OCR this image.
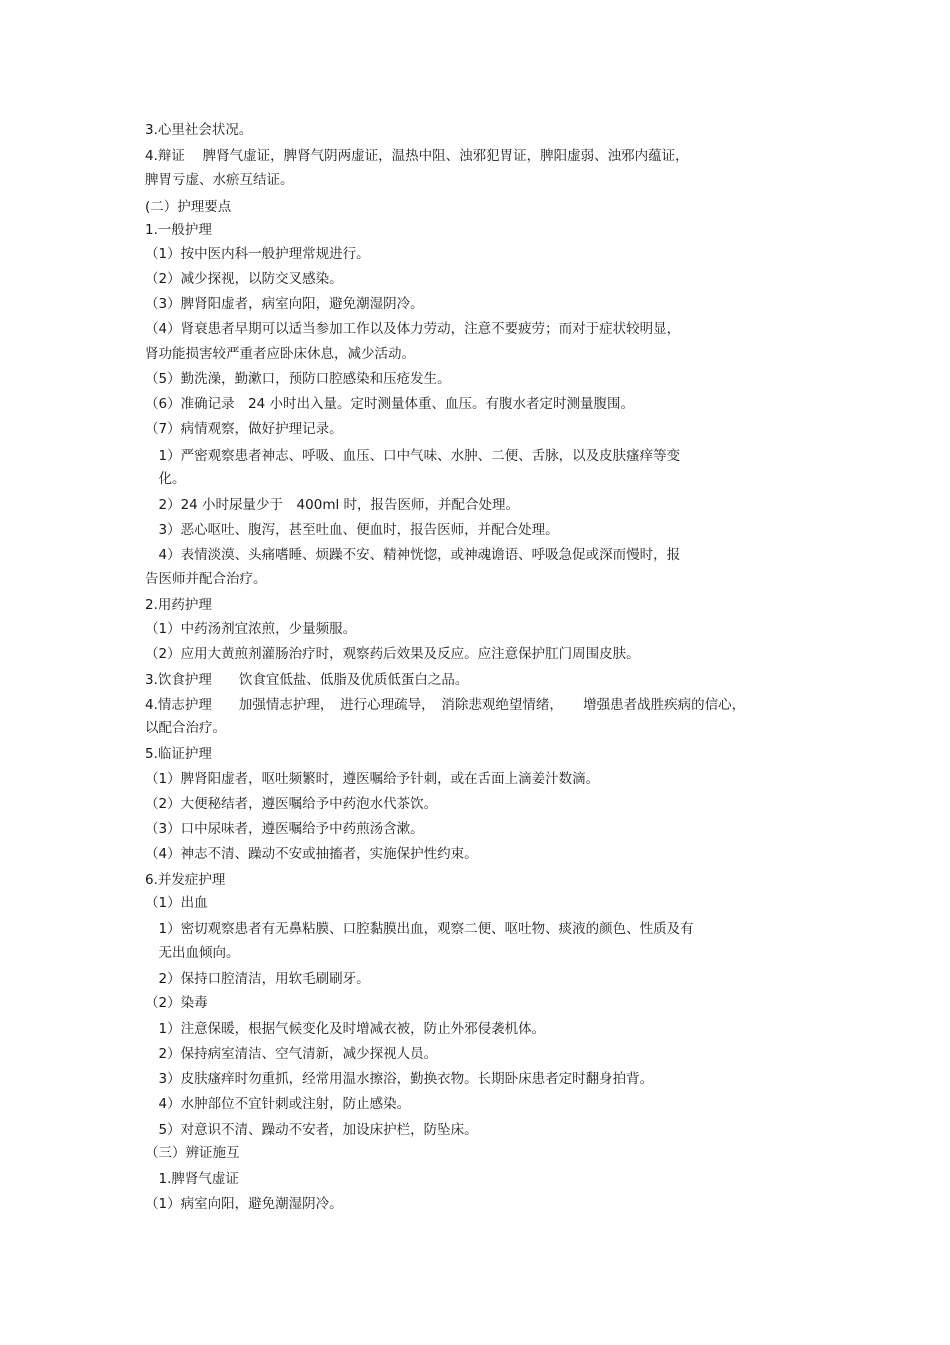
3.心里社会状况。
4.辩证　 脾肾气虚证，脾肾气阴两虚证，温热中阻、浊邪犯胃证，脾阳虚弱、浊邪内蕴证，
脾胃亏虚、水瘀互结证。
(二）护理要点
1.一般护理
（1）按中医内科一般护理常规进行。
（2）减少探视，以防交叉感染。
（3）脾肾阳虚者，病室向阳，避免潮湿阴冷。
（4）肾衰患者早期可以适当参加工作以及体力劳动，注意不要疲劳；而对于症状较明显，
肾功能损害较严重者应卧床休息，减少活动。
（5）勤洗澡，勤漱口，预防口腔感染和压疮发生。
（6）准确记录　24 小时出入量。定时测量体重、血压。有腹水者定时测量腹围。
（7）病情观察，做好护理记录。
　1）严密观察患者神志、呼吸、血压、口中气味、水肿、二便、舌脉，以及皮肤瘙痒等变
　化。
　2）24 小时尿量少于　400ml 时，报告医师，并配合处理。
　3）恶心呕吐、腹泻，甚至吐血、便血时，报告医师，并配合处理。
　4）表情淡漠、头痛嗜睡、烦躁不安、精神恍惚，或神魂谵语、呼吸急促或深而慢时，报
告医师并配合治疗。
2.用药护理
（1）中药汤剂宜浓煎，少量频服。
（2）应用大黄煎剂灌肠治疗时，观察药后效果及反应。应注意保护肛门周围皮肤。
3.饮食护理　　饮食宜低盐、低脂及优质低蛋白之品。
4.情志护理　　加强情志护理，　进行心理疏导，　消除悲观绝望情绪，　　增强患者战胜疾病的信心，
以配合治疗。
5.临证护理
（1）脾肾阳虚者，呕吐频繁时，遵医嘱给予针刺，或在舌面上滴姜汁数滴。
（2）大便秘结者，遵医嘱给予中药泡水代茶饮。
（3）口中尿味者，遵医嘱给予中药煎汤含漱。
（4）神志不清、躁动不安或抽搐者，实施保护性约束。
6.并发症护理
（1）出血
　1）密切观察患者有无鼻粘膜、口腔黏膜出血，观察二便、呕吐物、痰液的颜色、性质及有
　无出血倾向。
　2）保持口腔清洁，用软毛刷刷牙。
（2）染毒
　1）注意保暖，根据气候变化及时增减衣被，防止外邪侵袭机体。
　2）保持病室清洁、空气清新，减少探视人员。
　3）皮肤瘙痒时勿重抓，经常用温水擦浴，勤换衣物。长期卧床患者定时翻身拍背。
　4）水肿部位不宜针刺或注射，防止感染。
　5）对意识不清、躁动不安者，加设床护栏，防坠床。
（三）辨证施互
　1.脾肾气虚证
（1）病室向阳，避免潮湿阴冷。
